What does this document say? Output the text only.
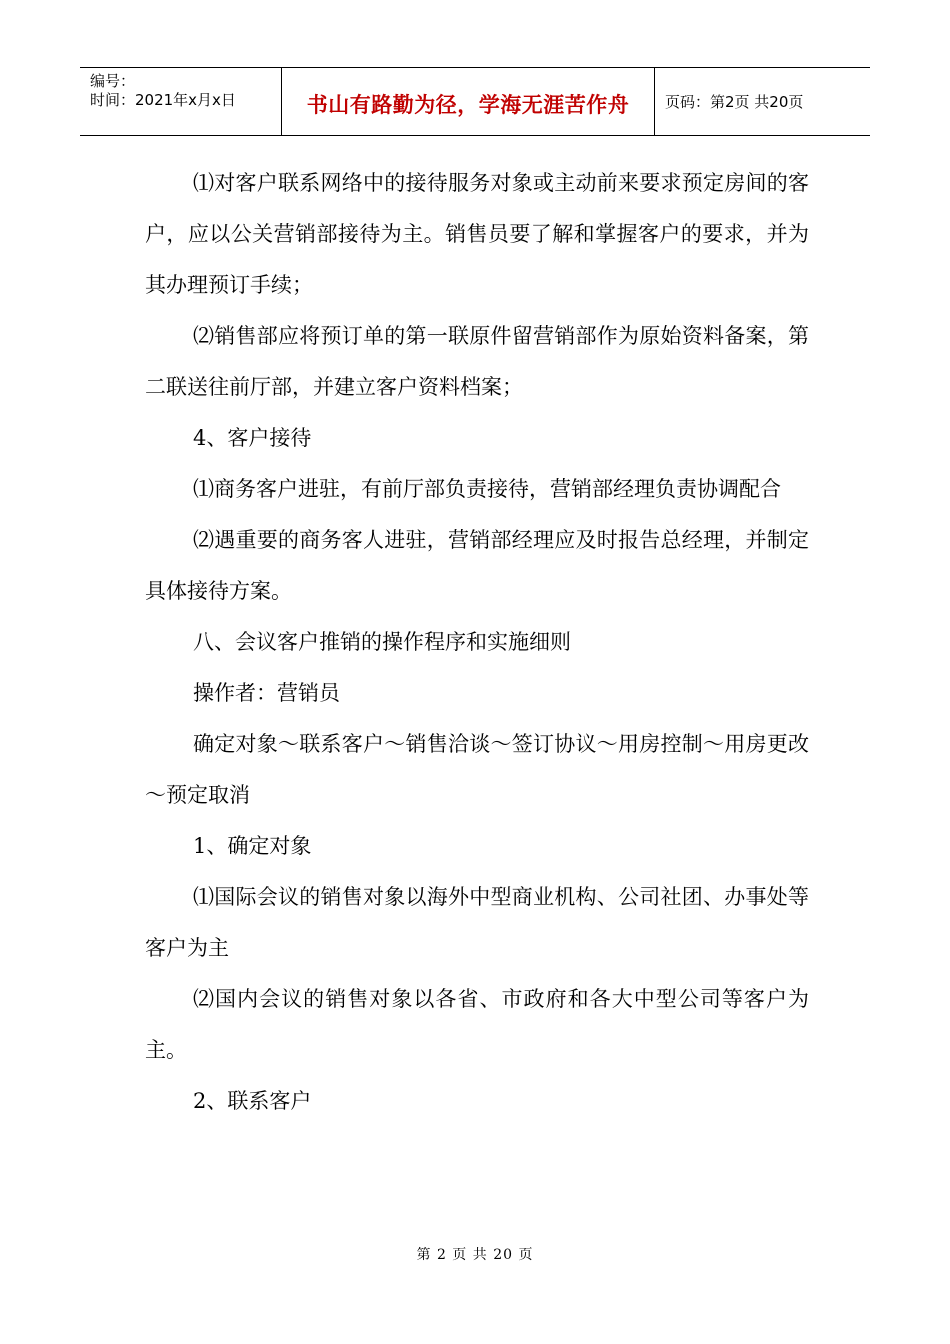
编号：
时间：2021年x月x日	书山有路勤为径，学海无涯苦作舟 页码：第2页 共20页

⑴对客户联系网络中的接待服务对象或主动前来要求预定房间的客户，应以公关营销部接待为主。销售员要了解和掌握客户的要求，并为其办理预订手续；

⑵销售部应将预订单的第一联原件留营销部作为原始资料备案，第二联送往前厅部，并建立客户资料档案；

4、客户接待

⑴商务客户进驻，有前厅部负责接待，营销部经理负责协调配合

⑵遇重要的商务客人进驻，营销部经理应及时报告总经理，并制定具体接待方案。

八、会议客户推销的操作程序和实施细则

操作者：营销员

确定对象～联系客户～销售洽谈～签订协议～用房控制～用房更改～预定取消

1、确定对象

⑴国际会议的销售对象以海外中型商业机构、公司社团、办事处等客户为主

⑵国内会议的销售对象以各省、市政府和各大中型公司等客户为主。

2、联系客户

第 2 页 共 20 页
